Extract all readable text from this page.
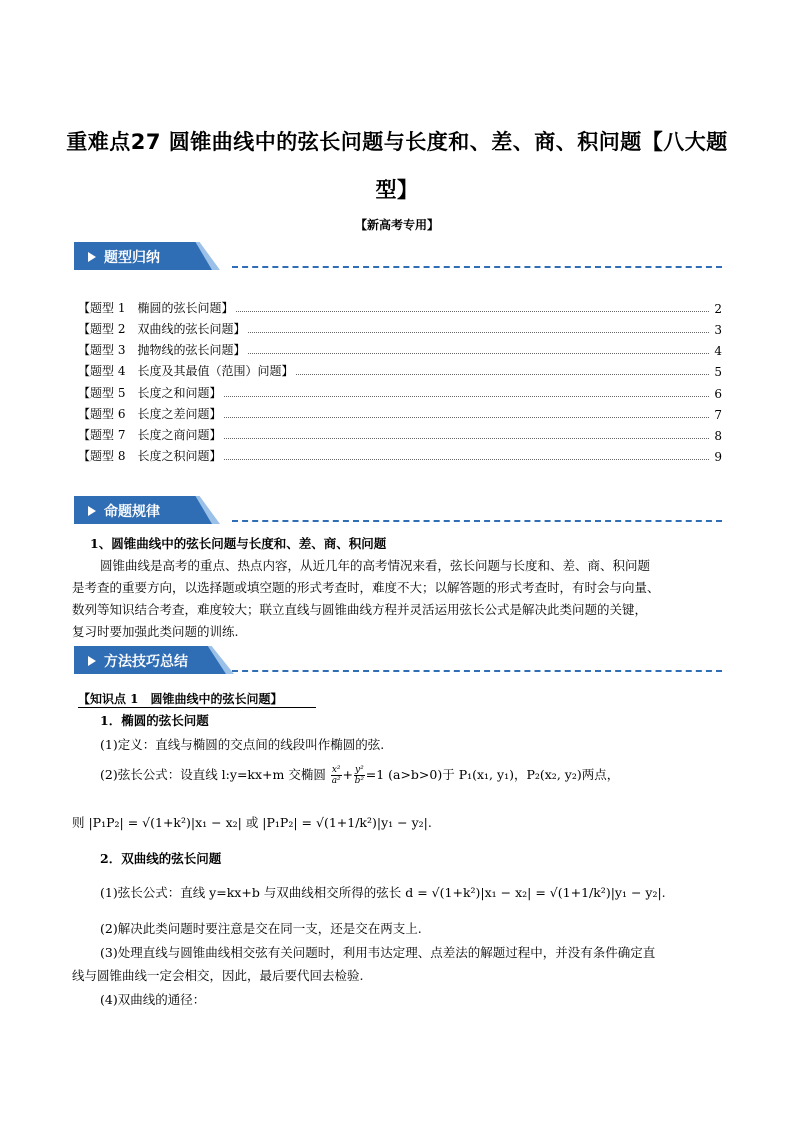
重难点27 圆锥曲线中的弦长问题与长度和、差、商、积问题【八大题
型】
【新高考专用】
题型归纳
【题型 1　椭圆的弦长问题】	2
【题型 2　双曲线的弦长问题】	3
【题型 3　抛物线的弦长问题】	4
【题型 4　长度及其最值（范围）问题】	5
【题型 5　长度之和问题】	6
【题型 6　长度之差问题】	7
【题型 7　长度之商问题】	8
【题型 8　长度之积问题】	9
命题规律
1、圆锥曲线中的弦长问题与长度和、差、商、积问题
圆锥曲线是高考的重点、热点内容，从近几年的高考情况来看，弦长问题与长度和、差、商、积问题
是考查的重要方向，以选择题或填空题的形式考查时，难度不大；以解答题的形式考查时，有时会与向量、
数列等知识结合考查，难度较大；联立直线与圆锥曲线方程并灵活运用弦长公式是解决此类问题的关键，
复习时要加强此类问题的训练.
方法技巧总结
【知识点 1　圆锥曲线中的弦长问题】
1．椭圆的弦长问题
(1)定义：直线与椭圆的交点间的线段叫作椭圆的弦.
(2)弦长公式：设直线 l:y=kx+m 交椭圆 $\frac{\text{x²}}{\text{a²}} + \frac{\text{y²}}{\text{b²}} =1$ (a>b>0)于 P₁(x₁, y₁)，P₂(x₂, y₂)两点，
则 |P₁P₂| = √(1+k²)|x₁ − x₂| 或 |P₁P₂| = √(1+1/k²)|y₁ − y₂|.
2．双曲线的弦长问题
(1)弦长公式：直线 y=kx+b 与双曲线相交所得的弦长 d = √(1+k²)|x₁ − x₂| = √(1+1/k²)|y₁ − y₂|.
(2)解决此类问题时要注意是交在同一支，还是交在两支上.
(3)处理直线与圆锥曲线相交弦有关问题时，利用韦达定理、点差法的解题过程中，并没有条件确定直
线与圆锥曲线一定会相交，因此，最后要代回去检验.
(4)双曲线的通径：
